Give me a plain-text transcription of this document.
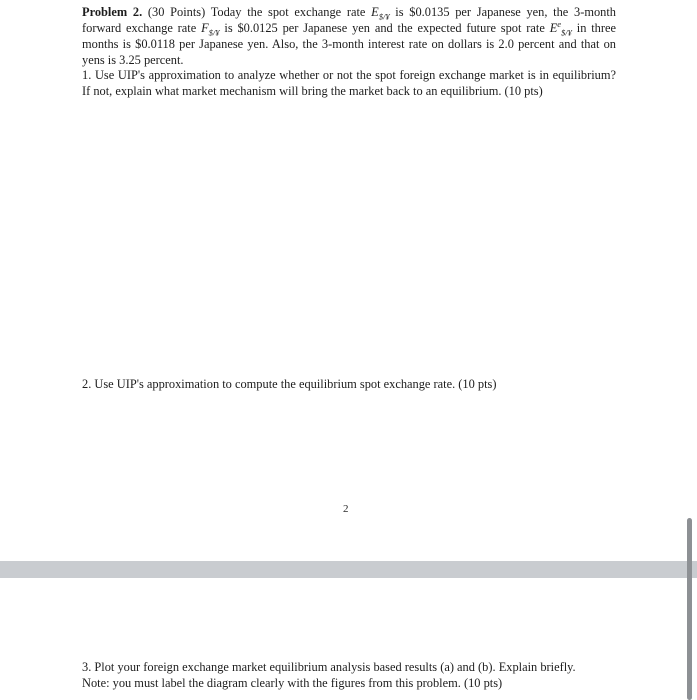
Problem 2. (30 Points) Today the spot exchange rate $E_{\$/¥}$ is $0.0135 per Japanese yen, the 3-month forward exchange rate $F_{\$/¥}$ is $0.0125 per Japanese yen and the expected future spot rate $E^e_{\$/¥}$ in three months is $0.0118 per Japanese yen. Also, the 3-month interest rate on dollars is 2.0 percent and that on yens is 3.25 percent.
1. Use UIP's approximation to analyze whether or not the spot foreign exchange market is in equilibrium? If not, explain what market mechanism will bring the market back to an equilibrium. (10 pts)
2. Use UIP's approximation to compute the equilibrium spot exchange rate. (10 pts)
2
3. Plot your foreign exchange market equilibrium analysis based results (a) and (b). Explain briefly.
Note: you must label the diagram clearly with the figures from this problem. (10 pts)
